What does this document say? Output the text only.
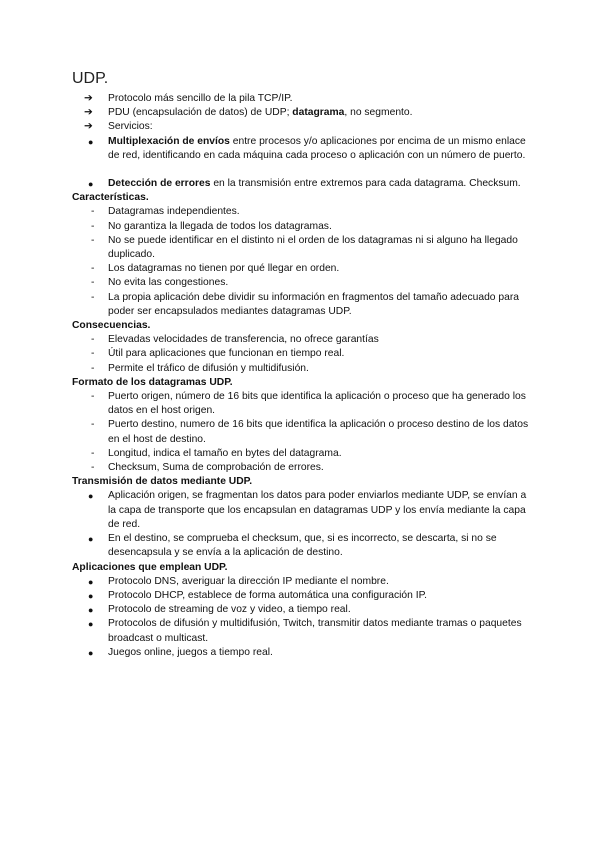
UDP.
➔ Protocolo más sencillo de la pila TCP/IP.
➔ PDU (encapsulación de datos) de UDP; datagrama, no segmento.
➔ Servicios:
● Multiplexación de envíos entre procesos y/o aplicaciones por encima de un mismo enlace de red, identificando en cada máquina cada proceso o aplicación con un número de puerto.
● Detección de errores en la transmisión entre extremos para cada datagrama. Checksum.
Características.
- Datagramas independientes.
- No garantiza la llegada de todos los datagramas.
- No se puede identificar en el distinto ni el orden de los datagramas ni si alguno ha llegado duplicado.
- Los datagramas no tienen por qué llegar en orden.
- No evita las congestiones.
- La propia aplicación debe dividir su información en fragmentos del tamaño adecuado para poder ser encapsulados mediantes datagramas UDP.
Consecuencias.
- Elevadas velocidades de transferencia, no ofrece garantías
- Útil para aplicaciones que funcionan en tiempo real.
- Permite el tráfico de difusión y multidifusión.
Formato de los datagramas UDP.
- Puerto origen, número de 16 bits que identifica la aplicación o proceso que ha generado los datos en el host origen.
- Puerto destino, numero de 16 bits que identifica la aplicación o proceso destino de los datos en el host de destino.
- Longitud, indica el tamaño en bytes del datagrama.
- Checksum, Suma de comprobación de errores.
Transmisión de datos mediante UDP.
● Aplicación origen, se fragmentan los datos para poder enviarlos mediante UDP, se envían a la capa de transporte que los encapsulan en datagramas UDP y los envía mediante la capa de red.
● En el destino, se comprueba el checksum, que, si es incorrecto, se descarta, si no se desencapsula y se envía a la aplicación de destino.
Aplicaciones que emplean UDP.
● Protocolo DNS, averiguar la dirección IP mediante el nombre.
● Protocolo DHCP, establece de forma automática una configuración IP.
● Protocolo de streaming de voz y video, a tiempo real.
● Protocolos de difusión y multidifusión, Twitch, transmitir datos mediante tramas o paquetes broadcast o multicast.
● Juegos online, juegos a tiempo real.
